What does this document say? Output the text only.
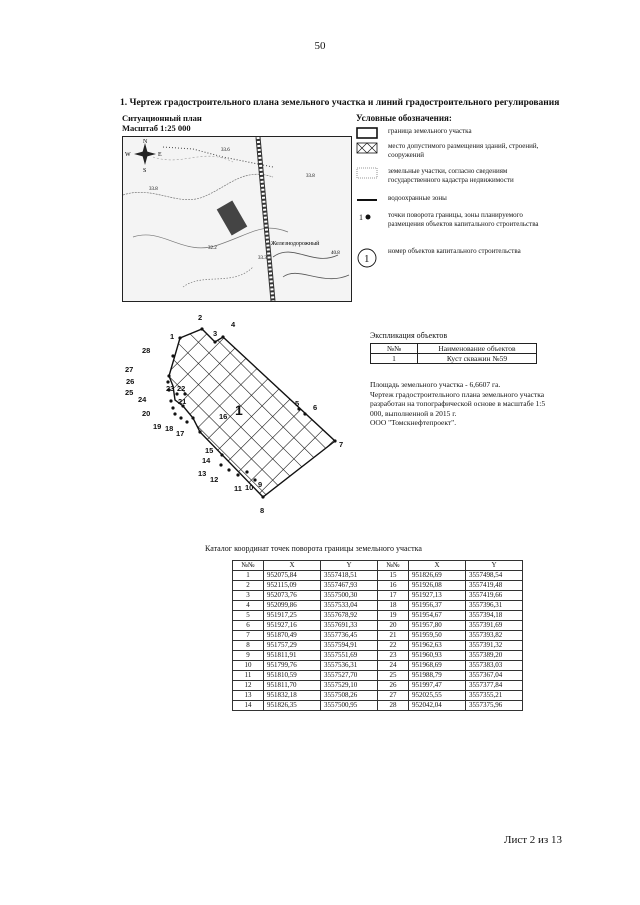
50
1. Чертеж градостроительного плана земельного участка и линий градостроительного регулирования
Ситуационный план
Масштаб 1:25 000
N
E
S
W
33.6
33.8
33.8
32.2
33.3
40.8
Железнодорожный
Условные обозначения:
граница земельного участка
место допустимого размещения зданий, строений, сооружений
земельные участки, согласно сведениям государственного кадастра недвижимости
водоохранные зоны
1	точки поворота границы, зоны планируемого размещения объектов капитального строительства
1
номер объектов капитального строительства
1
2
3
4
5 6
7
8
9
10
11
12
13
14
15
16
17
18
19
20
21
22
23
24
25
26
27
28
1
Экспликация объектов
№№	Наименование объектов
1	Куст скважин №59
Площадь земельного участка - 6,6607 га.
Чертеж градостроительного плана земельного участка разработан на топографической основе в масштабе 1:5 000, выполненной в 2015 г.
ООО "Томскнефтепроект".
Каталог координат точек поворота границы земельного участка
№№	X	Y	№№	X	Y
1	952075,84	3557418,51	15	951826,69	3557498,54
2	952115,09	3557467,93	16	951926,08	3557419,48
3	952073,76	3557500,30	17	951927,13	3557419,66
4	952099,86	3557533,04	18	951956,37	3557396,31
5	951917,25	3557678,92	19	951954,67	3557394,18
6	951927,16	3557691,33	20	951957,80	3557391,69
7	951870,49	3557736,45	21	951959,50	3557393,82
8	951757,29	3557594,91	22	951962,63	3557391,32
9	951811,91	3557551,69	23	951960,93	3557389,20
10	951799,76	3557536,31	24	951968,69	3557383,03
11	951810,59	3557527,70	25	951988,79	3557367,04
12	951811,70	3557529,10	26	951997,47	3557377,84
13	951832,18	3557508,26	27	952025,55	3557355,21
14	951826,35	3557500,95	28	952042,04	3557375,96
Лист 2 из 13
